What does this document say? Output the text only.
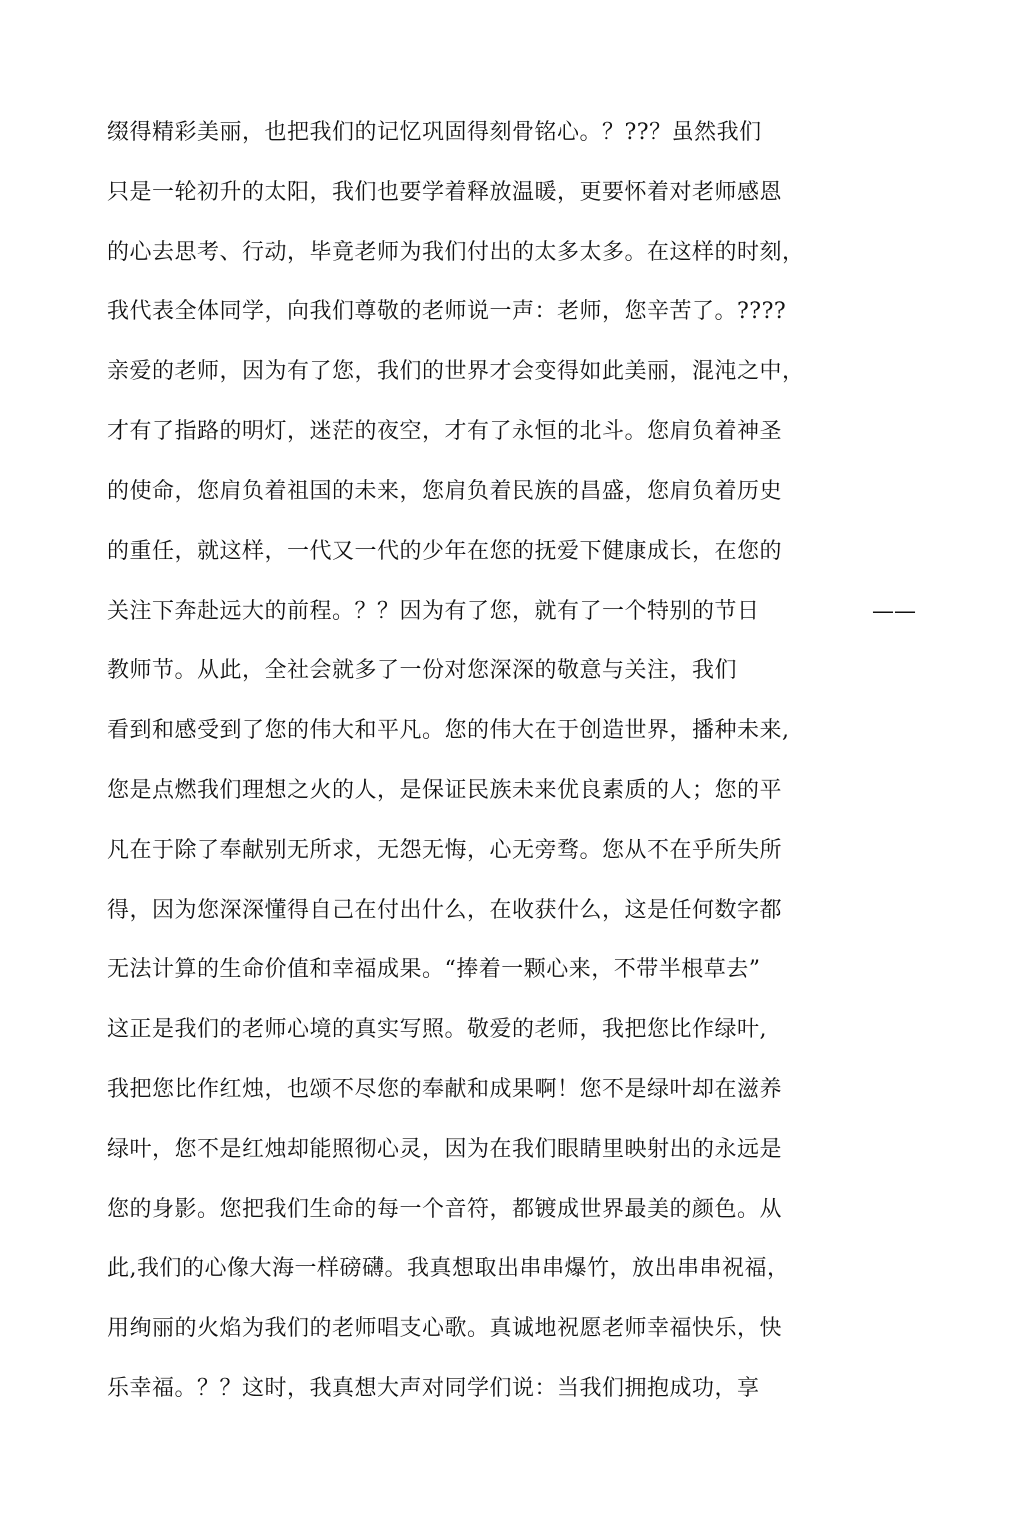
缀得精彩美丽，也把我们的记忆巩固得刻骨铭心。？??？虽然我们
只是一轮初升的太阳，我们也要学着释放温暖，更要怀着对老师感恩
的心去思考、行动，毕竟老师为我们付出的太多太多。在这样的时刻，
我代表全体同学，向我们尊敬的老师说一声：老师，您辛苦了。????
亲爱的老师，因为有了您，我们的世界才会变得如此美丽，混沌之中，
才有了指路的明灯，迷茫的夜空，才有了永恒的北斗。您肩负着神圣
的使命，您肩负着祖国的未来，您肩负着民族的昌盛，您肩负着历史
的重任，就这样，一代又一代的少年在您的抚爱下健康成长，在您的
关注下奔赴远大的前程。？？因为有了您，就有了一个特别的节日	——
教师节。从此，全社会就多了一份对您深深的敬意与关注，我们
看到和感受到了您的伟大和平凡。您的伟大在于创造世界，播种未来,
您是点燃我们理想之火的人，是保证民族未来优良素质的人；您的平
凡在于除了奉献别无所求，无怨无悔，心无旁骛。您从不在乎所失所
得，因为您深深懂得自己在付出什么，在收获什么，这是任何数字都
无法计算的生命价值和幸福成果。“捧着一颗心来，不带半根草去”
这正是我们的老师心境的真实写照。敬爱的老师，我把您比作绿叶,
我把您比作红烛，也颂不尽您的奉献和成果啊！您不是绿叶却在滋养
绿叶，您不是红烛却能照彻心灵，因为在我们眼睛里映射出的永远是
您的身影。您把我们生命的每一个音符，都镀成世界最美的颜色。从
此,我们的心像大海一样磅礴。我真想取出串串爆竹，放出串串祝福，
用绚丽的火焰为我们的老师唱支心歌。真诚地祝愿老师幸福快乐，快
乐幸福。？？这时，我真想大声对同学们说：当我们拥抱成功，享
